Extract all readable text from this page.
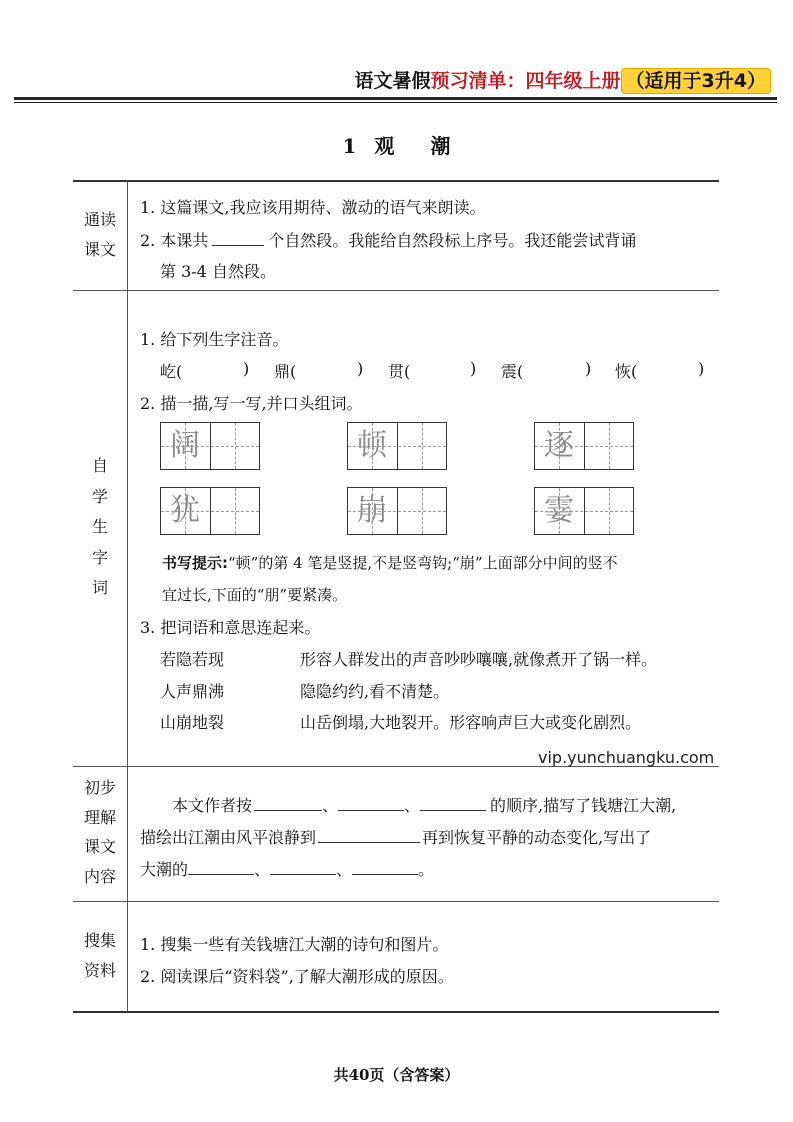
语文暑假预习清单：四年级上册 （适用于3升4）
1 观 潮
通读
课文
1. 这篇课文,我应该用期待、激动的语气来朗读。
2. 本课共	个自然段。我能给自然段标上序号。我还能尝试背诵
第 3-4 自然段。
自
学
生
字
词
1. 给下列生字注音。
屹(	) 鼎(	) 贯(	) 震(	) 恢(	)
2. 描一描,写一写,并口头组词。
阔	顿	逐
犹	崩	霎
书写提示:“顿”的第 4 笔是竖提,不是竖弯钩;“崩”上面部分中间的竖不
宜过长,下面的“朋”要紧凑。
3. 把词语和意思连起来。
若隐若现	形容人群发出的声音吵吵嚷嚷,就像煮开了锅一样。
人声鼎沸	隐隐约约,看不清楚。
山崩地裂	山岳倒塌,大地裂开。形容响声巨大或变化剧烈。
vip.yunchuangku.com
初步
理解
课文
内容
本文作者按	、	、	的顺序,描写了钱塘江大潮,
描绘出江潮由风平浪静到	再到恢复平静的动态变化,写出了
大潮的	、	、	。
搜集
资料
1. 搜集一些有关钱塘江大潮的诗句和图片。
2. 阅读课后“资料袋”,了解大潮形成的原因。
共40页（含答案）
